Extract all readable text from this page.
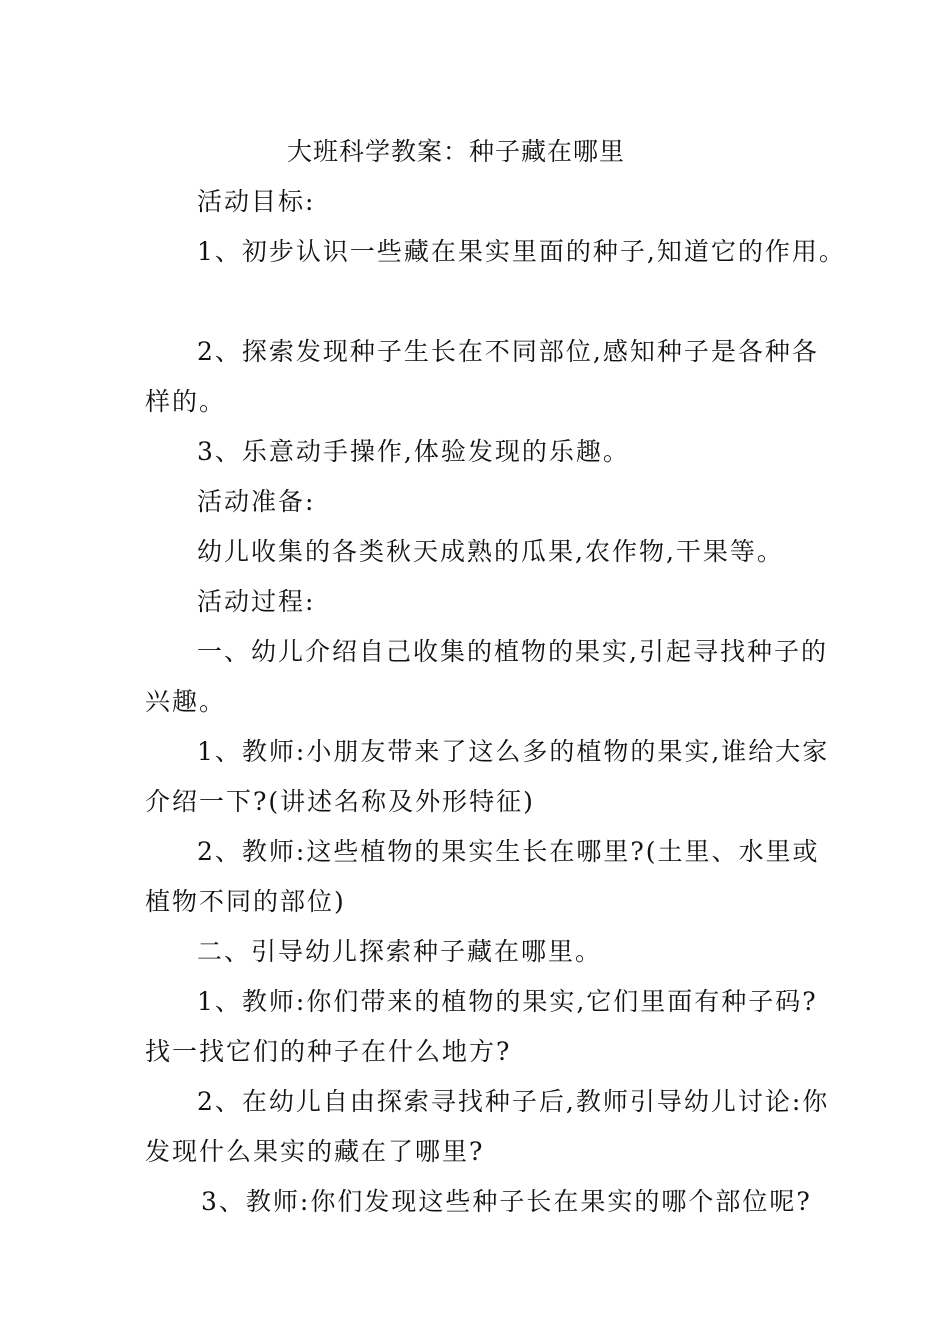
大班科学教案：种子藏在哪里

活动目标:

1、初步认识一些藏在果实里面的种子,知道它的作用。

2、探索发现种子生长在不同部位,感知种子是各种各

样的。

3、乐意动手操作,体验发现的乐趣。

活动准备:

幼儿收集的各类秋天成熟的瓜果,农作物,干果等。

活动过程:

一、幼儿介绍自己收集的植物的果实,引起寻找种子的

兴趣。

1、教师:小朋友带来了这么多的植物的果实,谁给大家

介绍一下?(讲述名称及外形特征)

2、教师:这些植物的果实生长在哪里?(土里、水里或

植物不同的部位)

二、引导幼儿探索种子藏在哪里。

1、教师:你们带来的植物的果实,它们里面有种子码?

找一找它们的种子在什么地方?

2、在幼儿自由探索寻找种子后,教师引导幼儿讨论:你

发现什么果实的藏在了哪里?

3、教师:你们发现这些种子长在果实的哪个部位呢?
